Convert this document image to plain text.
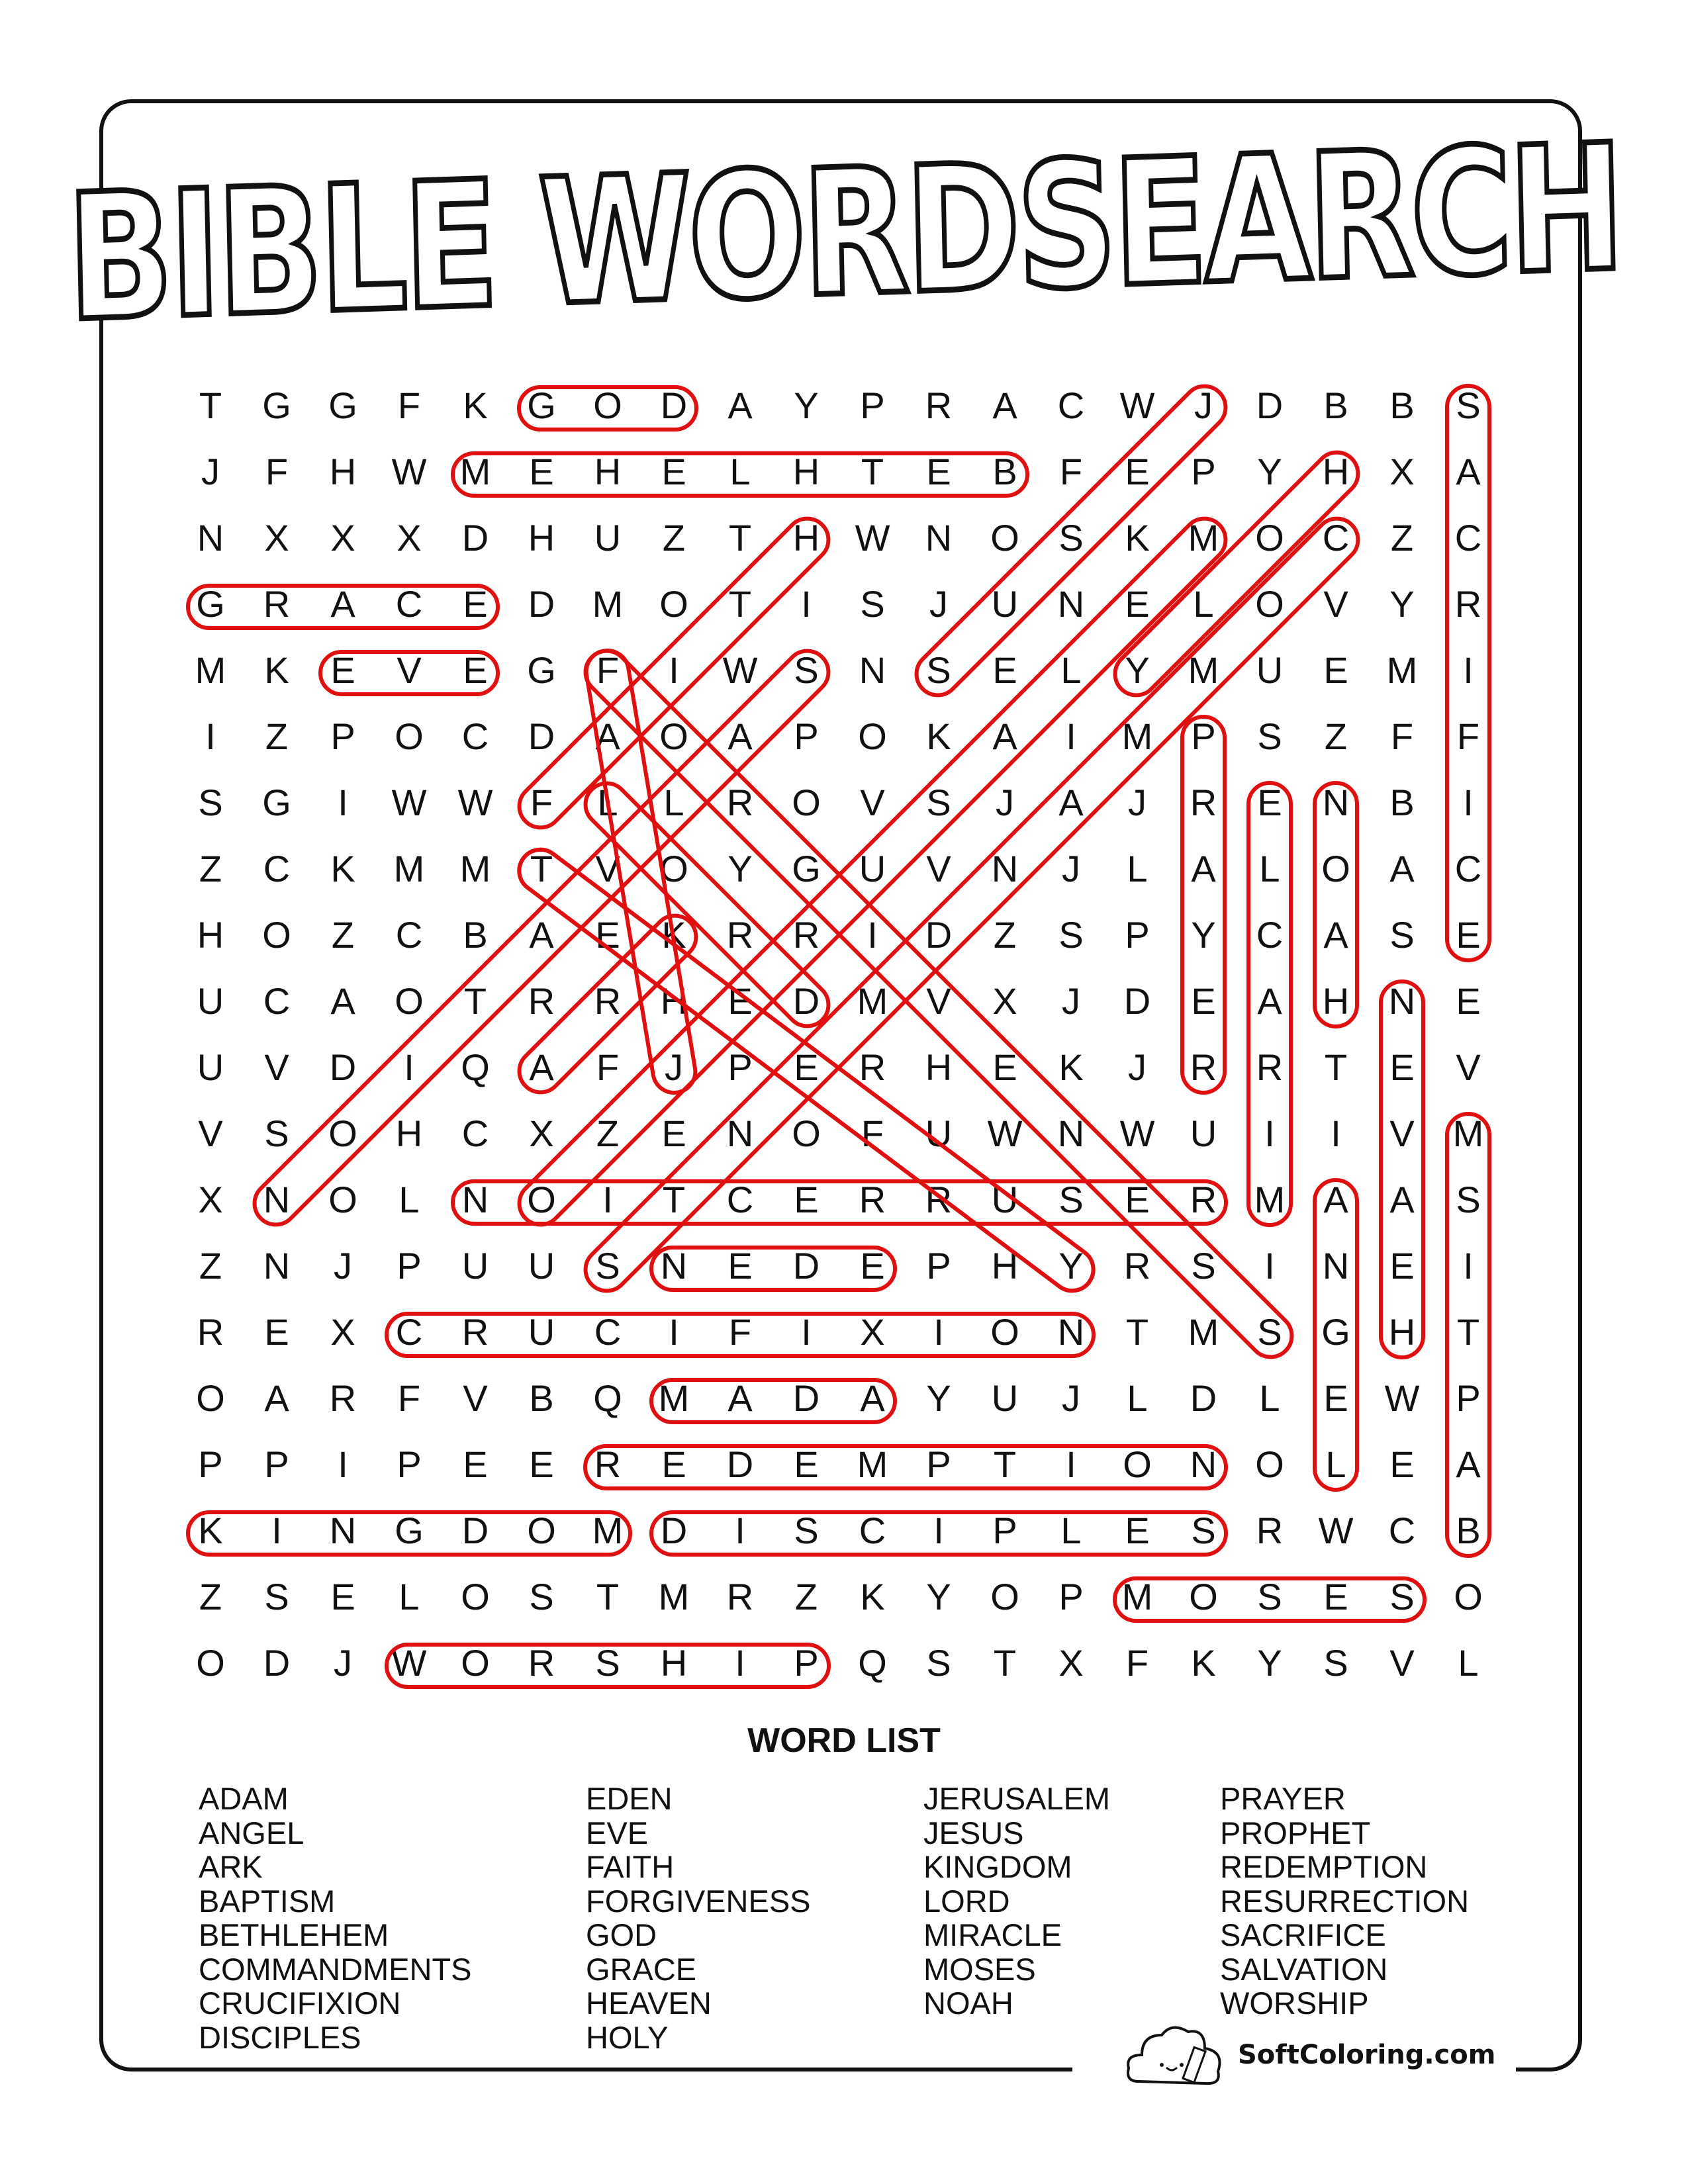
BIBLE WORDSEARCH
T	G	G	F	K	G	O	D	A	Y	P	R	A	C W	J	D	B	B	S
J	F	H W M	E	H	E	L	H	T	E	B	F	E	P	Y	H	X	A
N	X	X	X	D	H	U	Z	T	H W N	O	S	K	M O	C	Z	C
G	R	A	C	E	D	M O	T	I	S	J	U	N	E	L	O	V	Y	R
M	K	E	V	E	G	F	I	W S	N	S	E	L	Y	M	U	E	M	I
I	Z	P	O	C	D	A	O	A	P	O	K	A	I	M	P	S	Z	F	F
S	G	I	W W	F	L	L	R	O	V	S	J	A	J	R	E	N	B	I
Z	C	K	M M	T	V	O	Y	G	U	V	N	J	L	A	L	O	A	C
H	O	Z	C	B	A	E	K	R	R	I	D	Z	S	P	Y	C	A	S	E
U	C	A	O	T	R	R	H	E	D	M	V	X	J	D	E	A	H	N	E
U	V	D	I	Q	A	F	J	P	E	R	H	E	K	J	R	R	T	E	V
V	S	O	H	C	X	Z	E	N	O	F	U W N W U	I	I	V	M
X	N	O	L	N	O	I	T	C	E	R	R	U	S	E	R	M	A	A	S
Z	N	J	P	U	U	S	N	E	D	E	P	H	Y	R	S	I	N	E	I
R	E	X	C	R	U	C	I	F	I	X	I	O	N	T	M	S	G	H	T
O	A	R	F	V	B	Q M	A	D	A	Y	U	J	L	D	L	E W P
P	P	I	P	E	E	R	E	D	E	M	P	T	I	O	N	O	L	E	A
K	I	N	G	D	O M	D	I	S	C	I	P	L	E	S	R W C	B
Z	S	E	L	O	S	T	M	R	Z	K	Y	O	P	M O	S	E	S	O
O	D	J	W O	R	S	H	I	P	Q	S	T	X	F	K	Y	S	V	L
WORD LIST
ADAM
ANGEL
ARK
BAPTISM
BETHLEHEM
COMMANDMENTS
CRUCIFIXION
DISCIPLES
EDEN
EVE
FAITH
FORGIVENESS
GOD
GRACE
HEAVEN
HOLY
JERUSALEM
JESUS
KINGDOM
LORD
MIRACLE
MOSES
NOAH
PRAYER
PROPHET
REDEMPTION
RESURRECTION
SACRIFICE
SALVATION
WORSHIP
SoftColoring.com
